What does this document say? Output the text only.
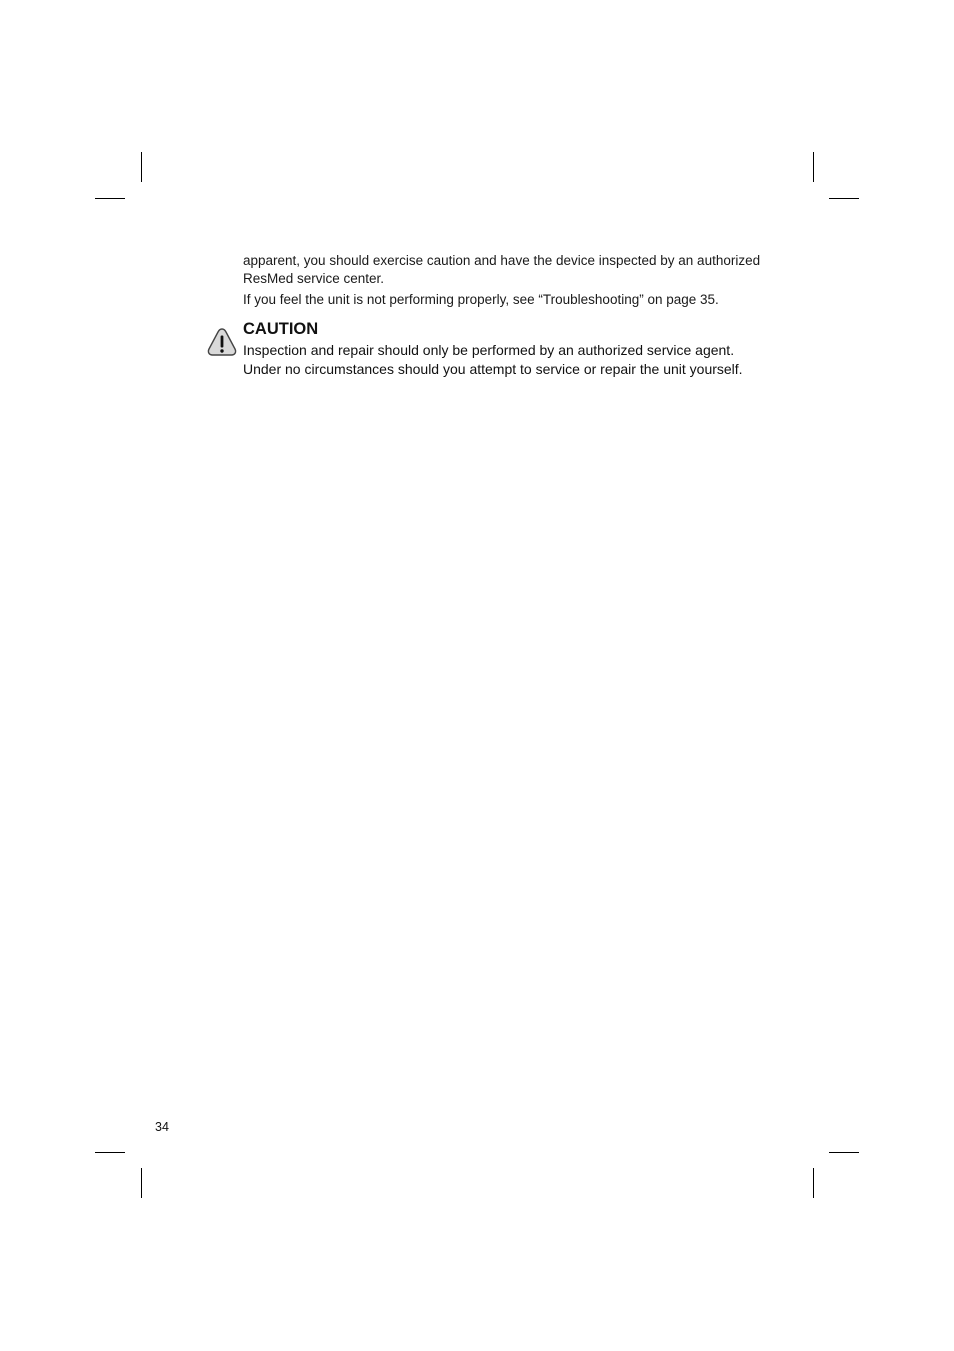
apparent, you should exercise caution and have the device inspected by an authorized ResMed service center.

If you feel the unit is not performing properly, see “Troubleshooting” on page 35.

CAUTION

Inspection and repair should only be performed by an authorized service agent. Under no circumstances should you attempt to service or repair the unit yourself.

34
